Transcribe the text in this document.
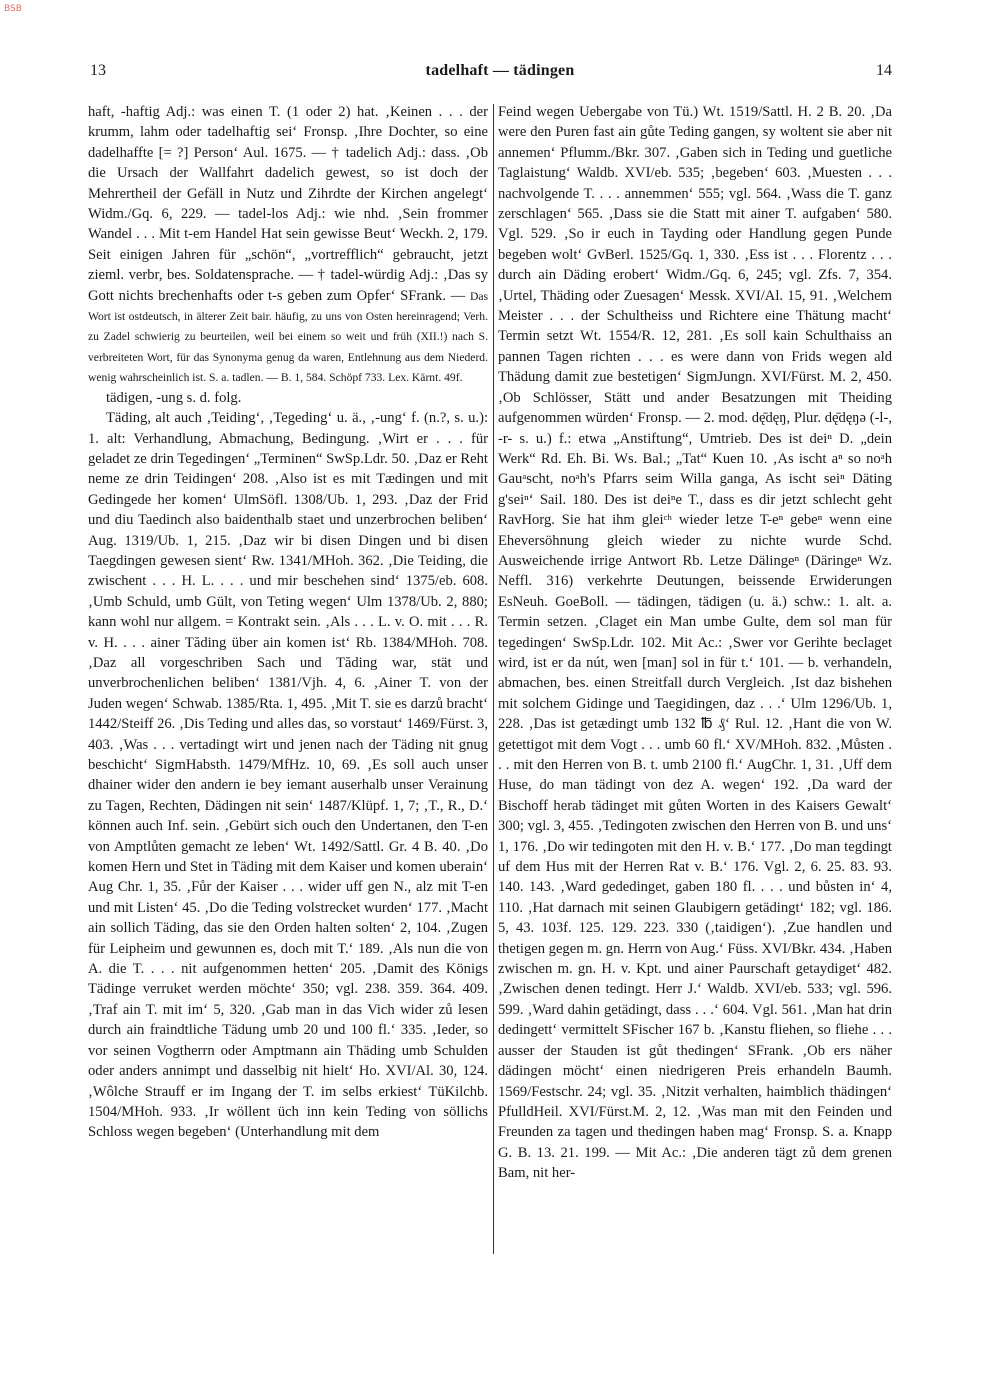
BSB
13	tadelhaft — tädingen	14

haft, -haftig Adj.: was einen T. (1 oder 2) hat. ‚Keinen . . . der krumm, lahm oder tadelhaftig sei‘ Fronsp. ‚Ihre Dochter, so eine dadelhaffte [= ?] Person‘ Aul. 1675. — † tadelich Adj.: dass. ‚Ob die Ursach der Wallfahrt dadelich gewest, so ist doch der Mehrertheil der Gefäll in Nutz und Zihrdte der Kirchen angelegt‘ Widm./Gq. 6, 229. — tadel-los Adj.: wie nhd. ‚Sein frommer Wandel . . . Mit t-em Handel Hat sein gewisse Beut‘ Weckh. 2, 179. Seit einigen Jahren für „schön“, „vortrefflich“ gebraucht, jetzt zieml. verbr, bes. Soldatensprache. — † tadel-würdig Adj.: ‚Das sy Gott nichts brechenhafts oder t-s geben zum Opfer‘ SFrank. — Das Wort ist ostdeutsch, in älterer Zeit bair. häufig, zu uns von Osten hereinragend; Verh. zu Zadel schwierig zu beurteilen, weil bei einem so weit und früh (XII.!) nach S. verbreiteten Wort, für das Synonyma genug da waren, Entlehnung aus dem Niederd. wenig wahrscheinlich ist. S. a. tadlen. — B. 1, 584. Schöpf 733. Lex. Kärnt. 49f.

tädigen, -ung s. d. folg.

Täding, alt auch ‚Teiding‘, ‚Tegeding‘ u. ä., ‚-ung‘ f. (n.?, s. u.): 1. alt: Verhandlung, Abmachung, Bedingung. ‚Wirt er . . . für geladet ze drin Tegedingen‘ „Terminen“ SwSp.Ldr. 50. ‚Daz er Reht neme ze drin Teidingen‘ 208. ‚Also ist es mit Tædingen und mit Gedingede her komen‘ UlmSöfl. 1308/Ub. 1, 293. ‚Daz der Frid und diu Taedinch also baidenthalb staet und unzerbrochen beliben‘ Aug. 1319/Ub. 1, 215. ‚Daz wir bi disen Dingen und bi disen Taegdingen gewesen sient‘ Rw. 1341/MHoh. 362. ‚Die Teiding, die zwischent . . . H. L. . . . und mir beschehen sind‘ 1375/eb. 608. ‚Umb Schuld, umb Gült, von Teting wegen‘ Ulm 1378/Ub. 2, 880; kann wohl nur allgem. = Kontrakt sein. ‚Als . . . L. v. O. mit . . . R. v. H. . . . ainer Tăding über ain komen ist‘ Rb. 1384/MHoh. 708. ‚Daz all vorgeschriben Sach und Tăding war, stät und unverbrochenlichen beliben‘ 1381/Vjh. 4, 6. ‚Ainer T. von der Juden wegen‘ Schwab. 1385/Rta. 1, 495. ‚Mit T. sie es darzů bracht‘ 1442/Steiff 26. ‚Dis Teding und alles das, so vorstaut‘ 1469/Fürst. 3, 403. ‚Was . . . vertadingt wirt und jenen nach der Täding nit gnug beschicht‘ SigmHabsth. 1479/MfHz. 10, 69. ‚Es soll auch unser dhainer wider den andern ie bey iemant auserhalb unser Verainung zu Tagen, Rechten, Dädingen nit sein‘ 1487/Klüpf. 1, 7; ‚T., R., D.‘ können auch Inf. sein. ‚Gebürt sich ouch den Undertanen, den T-en von Amptlůten gemacht ze leben‘ Wt. 1492/Sattl. Gr. 4 B. 40. ‚Do komen Hern und Stet in Täding mit dem Kaiser und komen uberain‘ Aug Chr. 1, 35. ‚Fůr der Kaiser . . . wider uff gen N., alz mit T-en und mit Listen‘ 45. ‚Do die Teding volstrecket wurden‘ 177. ‚Macht ain sollich Täding, das sie den Orden halten solten‘ 2, 104. ‚Zugen für Leipheim und gewunnen es, doch mit T.‘ 189. ‚Als nun die von A. die T. . . . nit aufgenommen hetten‘ 205. ‚Damit des Königs Tädinge verruket werden möchte‘ 350; vgl. 238. 359. 364. 409. ‚Traf ain T. mit im‘ 5, 320. ‚Gab man in das Vich wider zů lesen durch ain fraindtliche Tädung umb 20 und 100 fl.‘ 335. ‚Ieder, so vor seinen Vogtherrn oder Amptmann ain Thäding umb Schulden oder anders annimpt und dasselbig nit hielt‘ Ho. XVI/Al. 30, 124. ‚Wôlche Strauff er im Ingang der T. im selbs erkiest‘ TüKilchb. 1504/MHoh. 933. ‚Ir wöllent üch inn kein Teding von söllichs Schloss wegen begeben‘ (Unterhandlung mit dem

Feind wegen Uebergabe von Tü.) Wt. 1519/Sattl. H. 2 B. 20. ‚Da were den Puren fast ain gůte Teding gangen, sy woltent sie aber nit annemen‘ Pflumm./Bkr. 307. ‚Gaben sich in Teding und guetliche Taglaistung‘ Waldb. XVI/eb. 535; ‚begeben‘ 603. ‚Muesten . . . nachvolgende T. . . . annemmen‘ 555; vgl. 564. ‚Wass die T. ganz zerschlagen‘ 565. ‚Dass sie die Statt mit ainer T. aufgaben‘ 580. Vgl. 529. ‚So ir euch in Tayding oder Handlung gegen Punde begeben wolt‘ GvBerl. 1525/Gq. 1, 330. ‚Ess ist . . . Florentz . . . durch ain Däding erobert‘ Widm./Gq. 6, 245; vgl. Zfs. 7, 354. ‚Urtel, Thäding oder Zuesagen‘ Messk. XVI/Al. 15, 91. ‚Welchem Meister . . . der Schultheiss und Richtere eine Thätung macht‘ Termin setzt Wt. 1554/R. 12, 281. ‚Es soll kain Schulthaiss an pannen Tagen richten . . . es were dann von Frids wegen ald Thädung damit zue bestetigen‘ SigmJungn. XVI/Fürst. M. 2, 450. ‚Ob Schlösser, Stätt und ander Besatzungen mit Theiding aufgenommen würden‘ Fronsp. — 2. mod. dę̄dęŋ, Plur. dę̄dęŋə (-l-, -r- s. u.) f.: etwa „Anstiftung“, Umtrieb. Des ist deiⁿ D. „dein Werk“ Rd. Eh. Bi. Ws. Bal.; „Tat“ Kuen 10. ‚As ischt aⁿ so noᵃh Gauᵃscht, noᵃh's Pfarrs seim Willa ganga, As ischt seiⁿ Däting g'seiⁿ‘ Sail. 180. Des ist deiⁿe T., dass es dir jetzt schlecht geht RavHorg. Sie hat ihm gleiᶜʰ wieder letze T-eⁿ gebeⁿ wenn eine Eheversöhnung gleich wieder zu nichte wurde Schd. Ausweichende irrige Antwort Rb. Letze Dälingeⁿ (Däringeⁿ Wz. Neffl. 316) verkehrte Deutungen, beissende Erwiderungen EsNeuh. GoeBoll. — tädingen, tädigen (u. ä.) schw.: 1. alt. a. Termin setzen. ‚Claget ein Man umbe Gulte, dem sol man für tegedingen‘ SwSp.Ldr. 102. Mit Ac.: ‚Swer vor Gerihte beclaget wird, ist er da nút, wen [man] sol in für t.‘ 101. — b. verhandeln, abmachen, bes. einen Streitfall durch Vergleich. ‚Ist daz bishehen mit solchem Gidinge und Taegidingen, daz . . .‘ Ulm 1296/Ub. 1, 228. ‚Das ist getædingt umb 132 ℔ ₰‘ Rul. 12. ‚Hant die von W. getettigot mit dem Vogt . . . umb 60 fl.‘ XV/MHoh. 832. ‚Můsten . . . mit den Herren von B. t. umb 2100 fl.‘ AugChr. 1, 31. ‚Uff dem Huse, do man tädingt von dez A. wegen‘ 192. ‚Da ward der Bischoff herab tädinget mit gůten Worten in des Kaisers Gewalt‘ 300; vgl. 3, 455. ‚Tedingoten zwischen den Herren von B. und uns‘ 1, 176. ‚Do wir tedingoten mit den H. v. B.‘ 177. ‚Do man tegdingt uf dem Hus mit der Herren Rat v. B.‘ 176. Vgl. 2, 6. 25. 83. 93. 140. 143. ‚Ward gededinget, gaben 180 fl. . . . und bůsten in‘ 4, 110. ‚Hat darnach mit seinen Glaubigern getädingt‘ 182; vgl. 186. 5, 43. 103f. 125. 129. 223. 330 (‚taidigen‘). ‚Zue handlen und thetigen gegen m. gn. Herrn von Aug.‘ Füss. XVI/Bkr. 434. ‚Haben zwischen m. gn. H. v. Kpt. und ainer Paurschaft getaydiget‘ 482. ‚Zwischen denen tedingt. Herr J.‘ Waldb. XVI/eb. 533; vgl. 596. 599. ‚Ward dahin getädingt, dass . . .‘ 604. Vgl. 561. ‚Man hat drin dedingett‘ vermittelt SFischer 167 b. ‚Kanstu fliehen, so fliehe . . . ausser der Stauden ist gůt thedingen‘ SFrank. ‚Ob ers näher dädingen möcht‘ einen niedrigeren Preis erhandeln Baumh. 1569/Festschr. 24; vgl. 35. ‚Nitzit verhalten, haimblich thädingen‘ PfulldHeil. XVI/Fürst.M. 2, 12. ‚Was man mit den Feinden und Freunden za tagen und thedingen haben mag‘ Fronsp. S. a. Knapp G. B. 13. 21. 199. — Mit Ac.: ‚Die anderen tägt zů dem grenen Bam, nit her-
